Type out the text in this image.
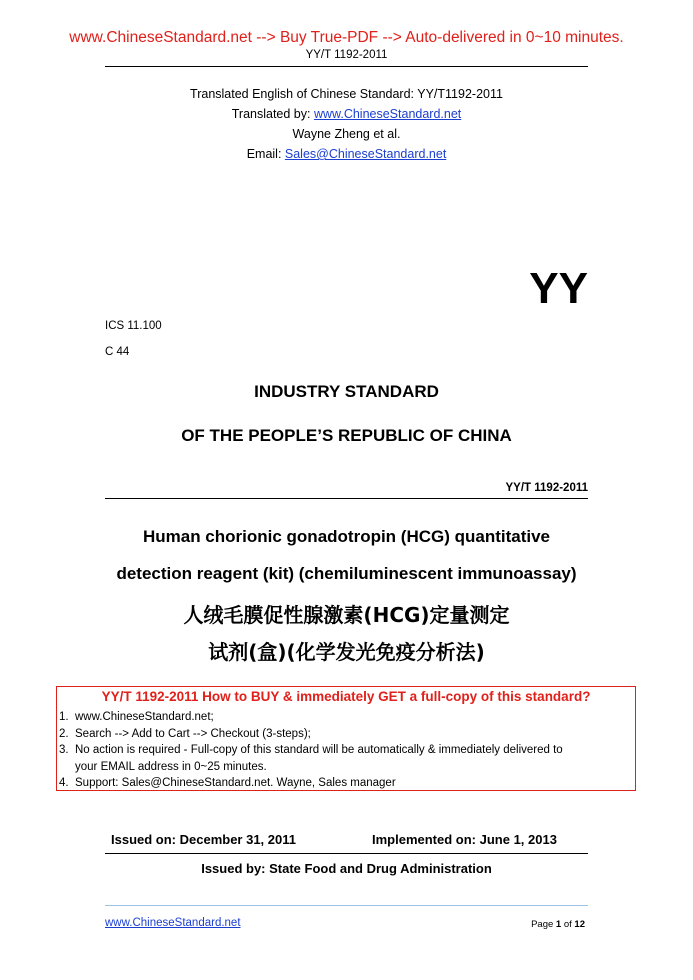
www.ChineseStandard.net --> Buy True-PDF --> Auto-delivered in 0~10 minutes.
YY/T 1192-2011
Translated English of Chinese Standard: YY/T1192-2011
Translated by: www.ChineseStandard.net
Wayne Zheng et al.
Email: Sales@ChineseStandard.net
YY
ICS 11.100
C 44
INDUSTRY STANDARD
OF THE PEOPLE’S REPUBLIC OF CHINA
YY/T 1192-2011
Human chorionic gonadotropin (HCG) quantitative
detection reagent (kit) (chemiluminescent immunoassay)
人绒毛膜促性腺激素(HCG)定量测定
试剂(盒)(化学发光免疫分析法)
YY/T 1192-2011 How to BUY & immediately GET a full-copy of this standard?
1. www.ChineseStandard.net;
2. Search --> Add to Cart --> Checkout (3-steps);
3. No action is required - Full-copy of this standard will be automatically & immediately delivered to
your EMAIL address in 0~25 minutes.
4. Support: Sales@ChineseStandard.net. Wayne, Sales manager
Issued on: December 31, 2011	Implemented on: June 1, 2013
Issued by: State Food and Drug Administration
www.ChineseStandard.net	Page 1 of 12
